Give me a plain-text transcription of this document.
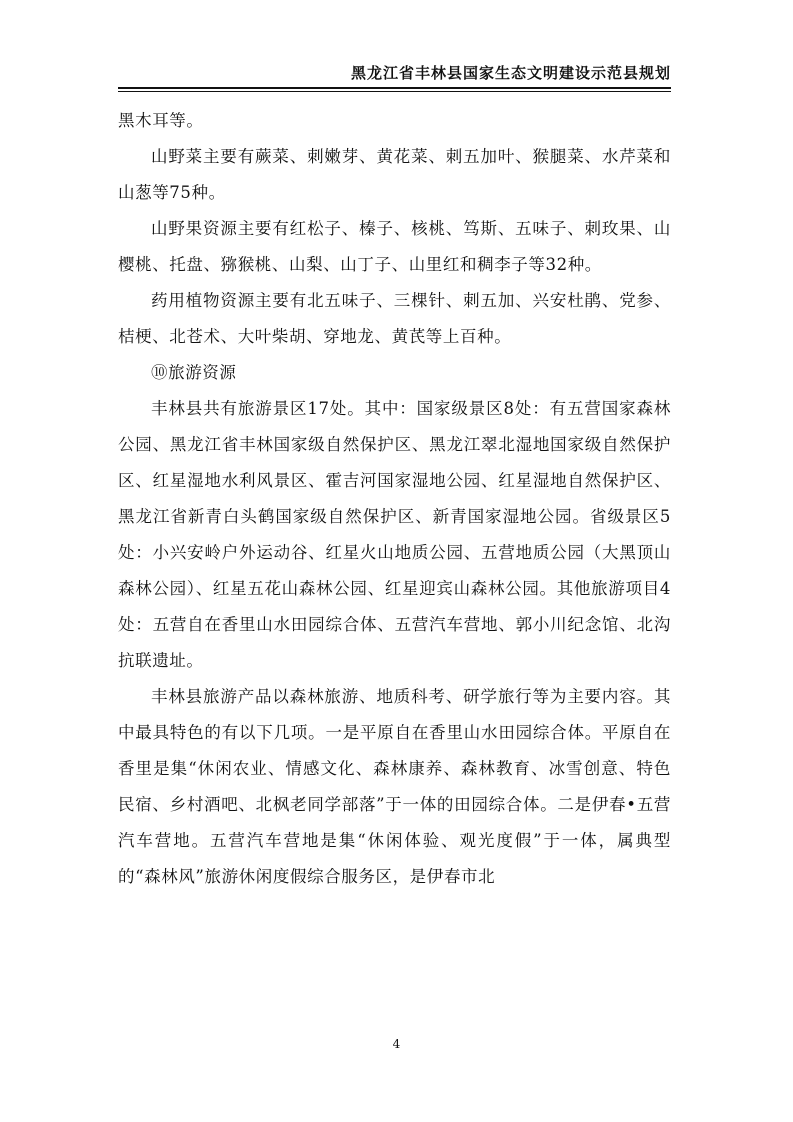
黑龙江省丰林县国家生态文明建设示范县规划

黑木耳等。

山野菜主要有蕨菜、刺嫩芽、黄花菜、刺五加叶、猴腿菜、水芹菜和山葱等75种。

山野果资源主要有红松子、榛子、核桃、笃斯、五味子、刺玫果、山樱桃、托盘、猕猴桃、山梨、山丁子、山里红和稠李子等32种。

药用植物资源主要有北五味子、三棵针、刺五加、兴安杜鹃、党参、桔梗、北苍术、大叶柴胡、穿地龙、黄芪等上百种。

⑩旅游资源

丰林县共有旅游景区17处。其中：国家级景区8处：有五营国家森林公园、黑龙江省丰林国家级自然保护区、黑龙江翠北湿地国家级自然保护区、红星湿地水利风景区、霍吉河国家湿地公园、红星湿地自然保护区、黑龙江省新青白头鹤国家级自然保护区、新青国家湿地公园。省级景区5处：小兴安岭户外运动谷、红星火山地质公园、五营地质公园（大黑顶山森林公园）、红星五花山森林公园、红星迎宾山森林公园。其他旅游项目4处：五营自在香里山水田园综合体、五营汽车营地、郭小川纪念馆、北沟抗联遗址。

丰林县旅游产品以森林旅游、地质科考、研学旅行等为主要内容。其中最具特色的有以下几项。一是平原自在香里山水田园综合体。平原自在香里是集“休闲农业、情感文化、森林康养、森林教育、冰雪创意、特色民宿、乡村酒吧、北枫老同学部落”于一体的田园综合体。二是伊春•五营汽车营地。五营汽车营地是集“休闲体验、观光度假”于一体，属典型的“森林风”旅游休闲度假综合服务区，是伊春市北

4
